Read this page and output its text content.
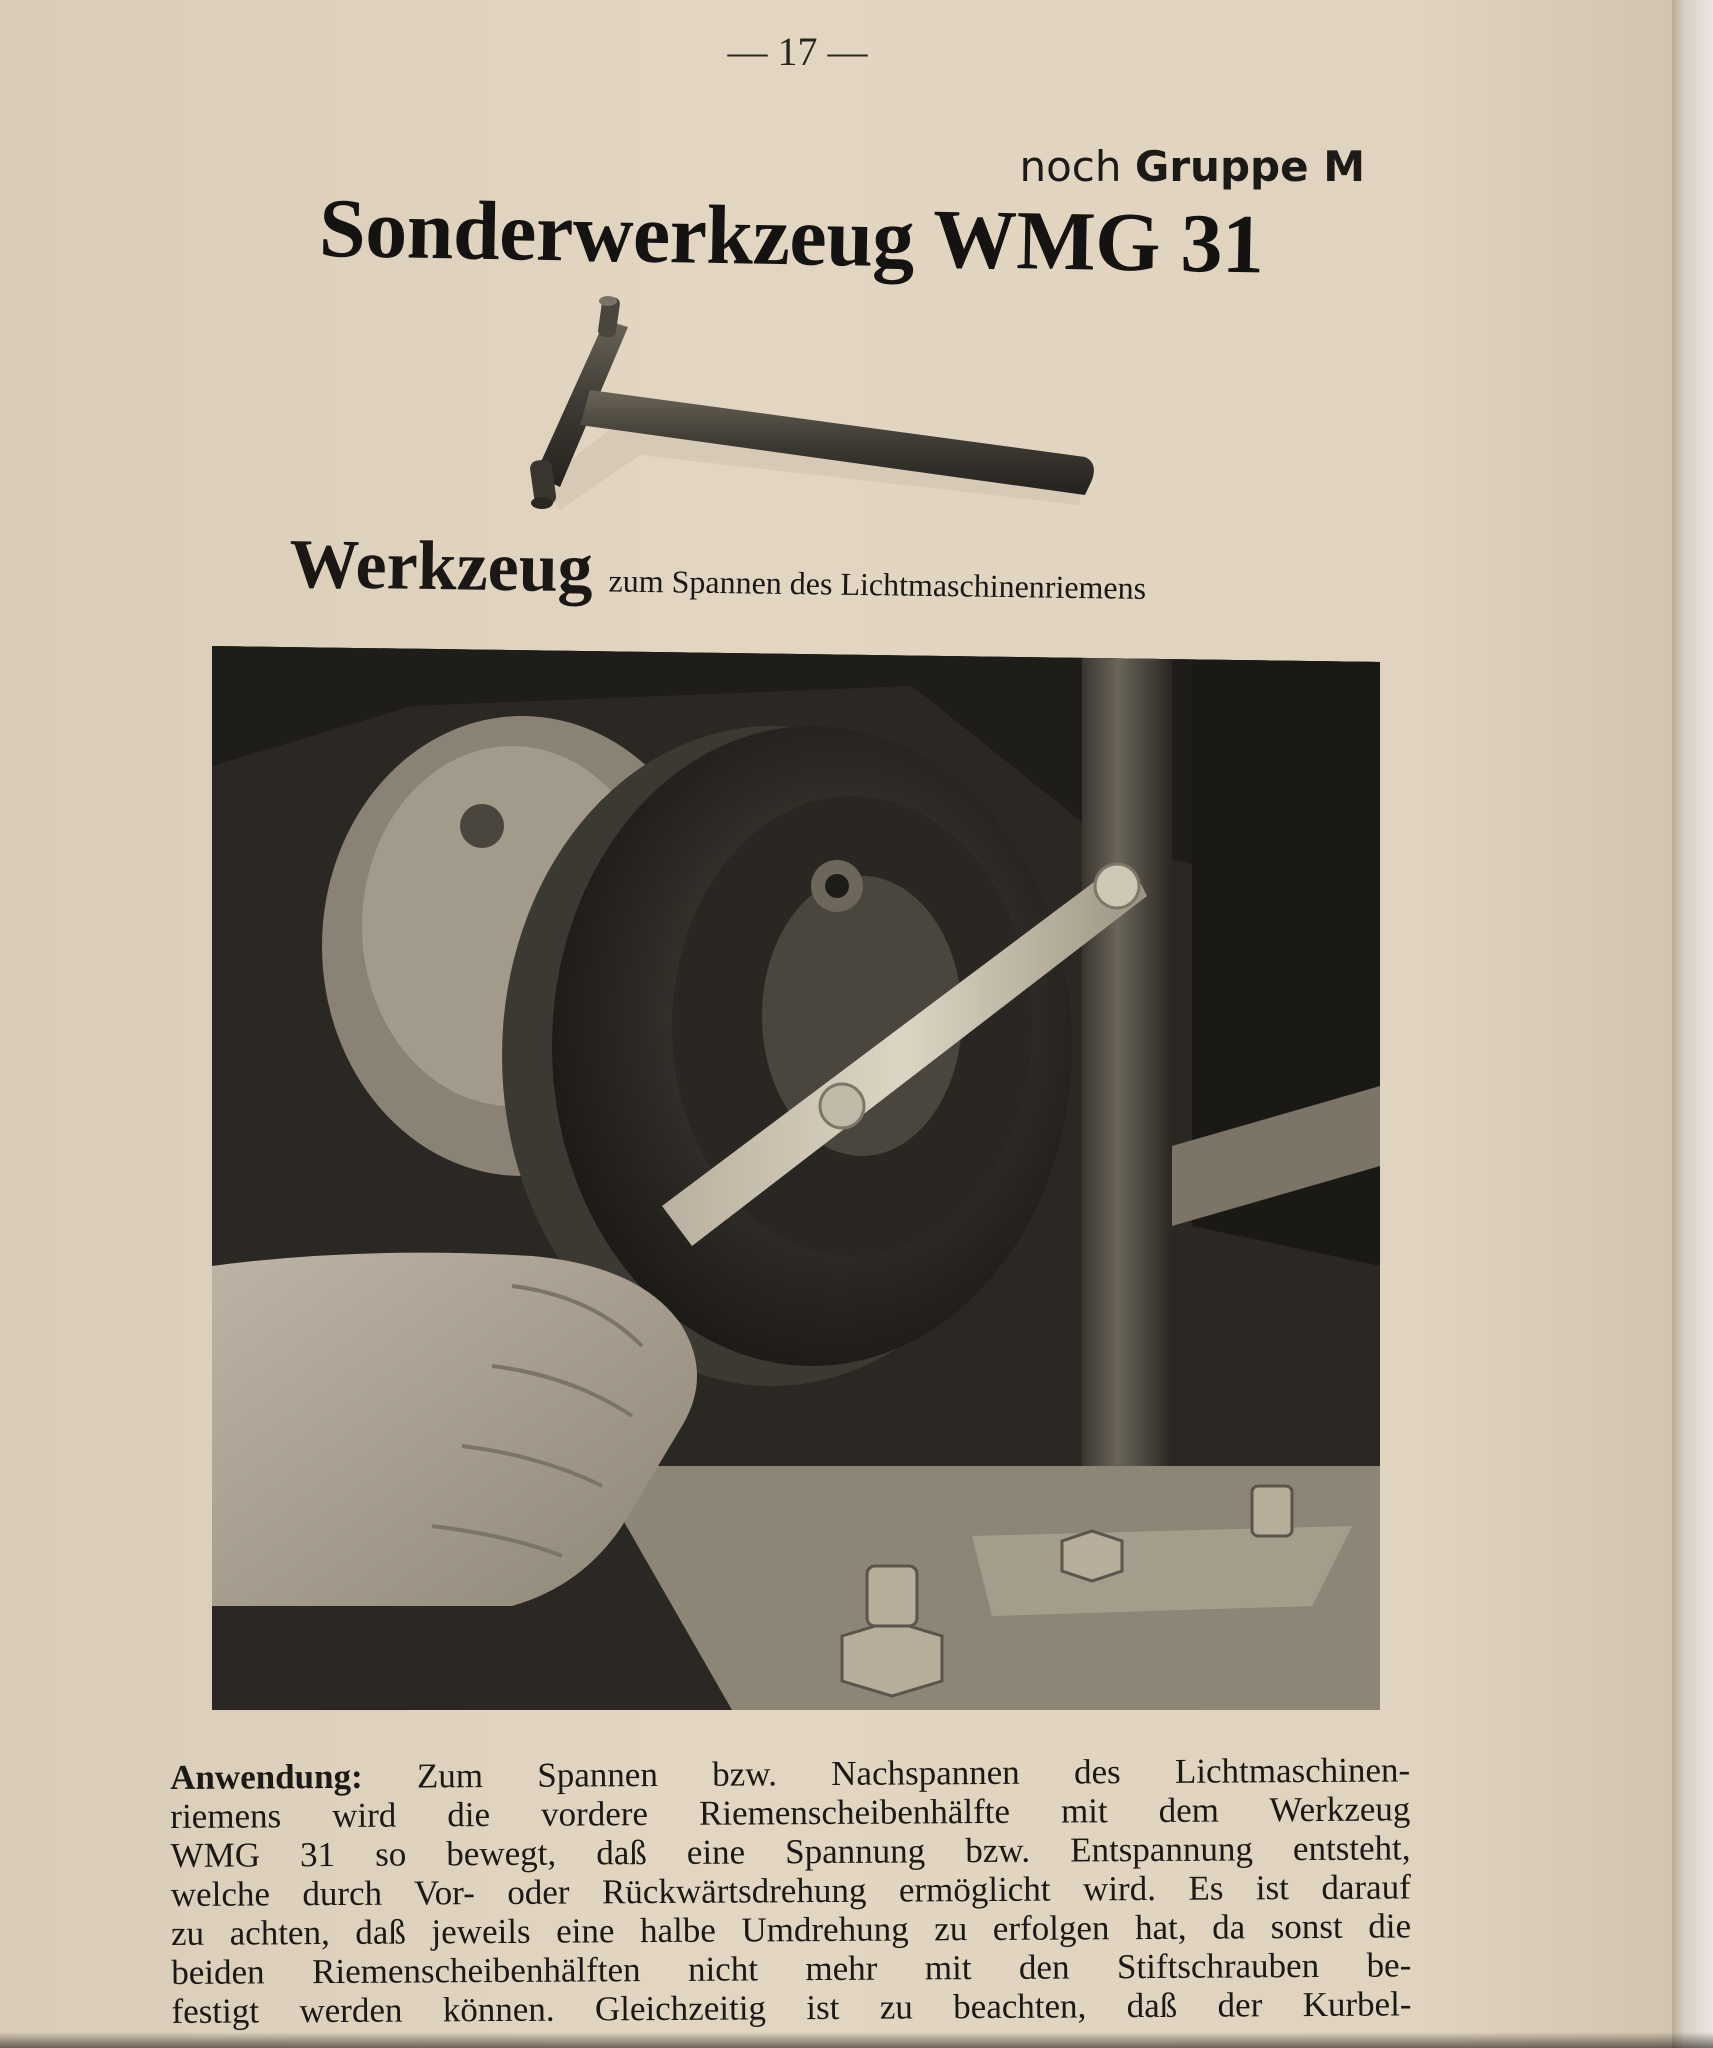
— 17 —
noch Gruppe M
Sonderwerkzeug WMG 31
Werkzeug zum Spannen des Lichtmaschinenriemens
Anwendung: Zum Spannen bzw. Nachspannen des Lichtmaschinen-
riemens wird die vordere Riemenscheibenhälfte mit dem Werkzeug
WMG 31 so bewegt, daß eine Spannung bzw. Entspannung entsteht,
welche durch Vor- oder Rückwärtsdrehung ermöglicht wird. Es ist darauf
zu achten, daß jeweils eine halbe Umdrehung zu erfolgen hat, da sonst die
beiden Riemenscheibenhälften nicht mehr mit den Stiftschrauben be-
festigt werden können. Gleichzeitig ist zu beachten, daß der Kurbel-
